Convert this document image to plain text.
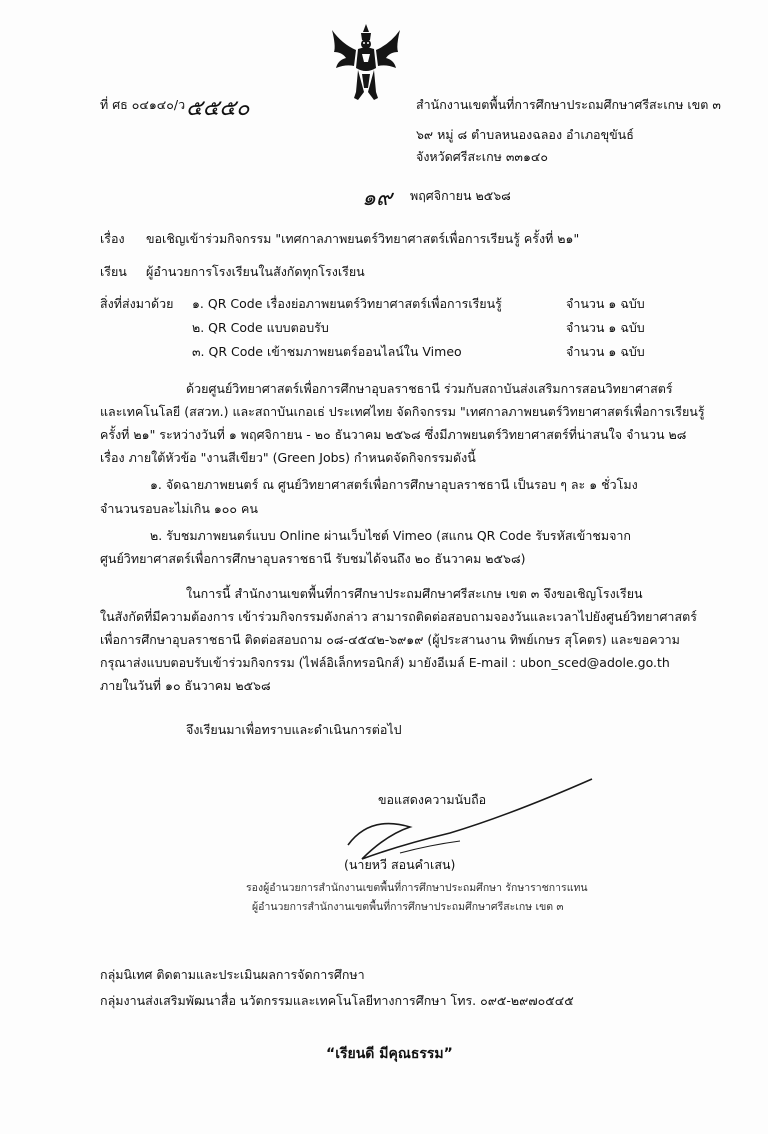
ที่ ศธ ๐๔๑๔๐/ว ๕๕๕๐	สำนักงานเขตพื้นที่การศึกษาประถมศึกษาศรีสะเกษ เขต ๓
๖๙ หมู่ ๘ ตำบลหนองฉลอง อำเภอขุขันธ์
จังหวัดศรีสะเกษ ๓๓๑๔๐
๑๙ พฤศจิกายน ๒๕๖๘
เรื่อง ขอเชิญเข้าร่วมกิจกรรม "เทศกาลภาพยนตร์วิทยาศาสตร์เพื่อการเรียนรู้ ครั้งที่ ๒๑"
เรียน ผู้อำนวยการโรงเรียนในสังกัดทุกโรงเรียน
สิ่งที่ส่งมาด้วย ๑. QR Code เรื่องย่อภาพยนตร์วิทยาศาสตร์เพื่อการเรียนรู้	จำนวน ๑ ฉบับ
๒. QR Code แบบตอบรับ	จำนวน ๑ ฉบับ
๓. QR Code เข้าชมภาพยนตร์ออนไลน์ใน Vimeo	จำนวน ๑ ฉบับ
ด้วยศูนย์วิทยาศาสตร์เพื่อการศึกษาอุบลราชธานี ร่วมกับสถาบันส่งเสริมการสอนวิทยาศาสตร์
และเทคโนโลยี (สสวท.) และสถาบันเกอเธ่ ประเทศไทย จัดกิจกรรม "เทศกาลภาพยนตร์วิทยาศาสตร์เพื่อการเรียนรู้
ครั้งที่ ๒๑" ระหว่างวันที่ ๑ พฤศจิกายน - ๒๐ ธันวาคม ๒๕๖๘ ซึ่งมีภาพยนตร์วิทยาศาสตร์ที่น่าสนใจ จำนวน ๒๘
เรื่อง ภายใต้หัวข้อ "งานสีเขียว" (Green Jobs) กำหนดจัดกิจกรรมดังนี้
๑. จัดฉายภาพยนตร์ ณ ศูนย์วิทยาศาสตร์เพื่อการศึกษาอุบลราชธานี เป็นรอบ ๆ ละ ๑ ชั่วโมง
จำนวนรอบละไม่เกิน ๑๐๐ คน
๒. รับชมภาพยนตร์แบบ Online ผ่านเว็บไซต์ Vimeo (สแกน QR Code รับรหัสเข้าชมจาก
ศูนย์วิทยาศาสตร์เพื่อการศึกษาอุบลราชธานี รับชมได้จนถึง ๒๐ ธันวาคม ๒๕๖๘)
ในการนี้ สำนักงานเขตพื้นที่การศึกษาประถมศึกษาศรีสะเกษ เขต ๓ จึงขอเชิญโรงเรียน
ในสังกัดที่มีความต้องการ เข้าร่วมกิจกรรมดังกล่าว สามารถติดต่อสอบถามจองวันและเวลาไปยังศูนย์วิทยาศาสตร์
เพื่อการศึกษาอุบลราชธานี ติดต่อสอบถาม ๐๘-๔๕๔๒-๖๙๑๙ (ผู้ประสานงาน ทิพย์เกษร สุโคตร) และขอความ
กรุณาส่งแบบตอบรับเข้าร่วมกิจกรรม (ไฟล์อิเล็กทรอนิกส์) มายังอีเมล์ E-mail : ubon_sced@adole.go.th
ภายในวันที่ ๑๐ ธันวาคม ๒๕๖๘
จึงเรียนมาเพื่อทราบและดำเนินการต่อไป
ขอแสดงความนับถือ
(นายหวี สอนคำเสน)
รองผู้อำนวยการสำนักงานเขตพื้นที่การศึกษาประถมศึกษา รักษาราชการแทน
ผู้อำนวยการสำนักงานเขตพื้นที่การศึกษาประถมศึกษาศรีสะเกษ เขต ๓
กลุ่มนิเทศ ติดตามและประเมินผลการจัดการศึกษา
กลุ่มงานส่งเสริมพัฒนาสื่อ นวัตกรรมและเทคโนโลยีทางการศึกษา โทร. ๐๙๕-๒๙๗๐๕๔๕
“เรียนดี มีคุณธรรม”
